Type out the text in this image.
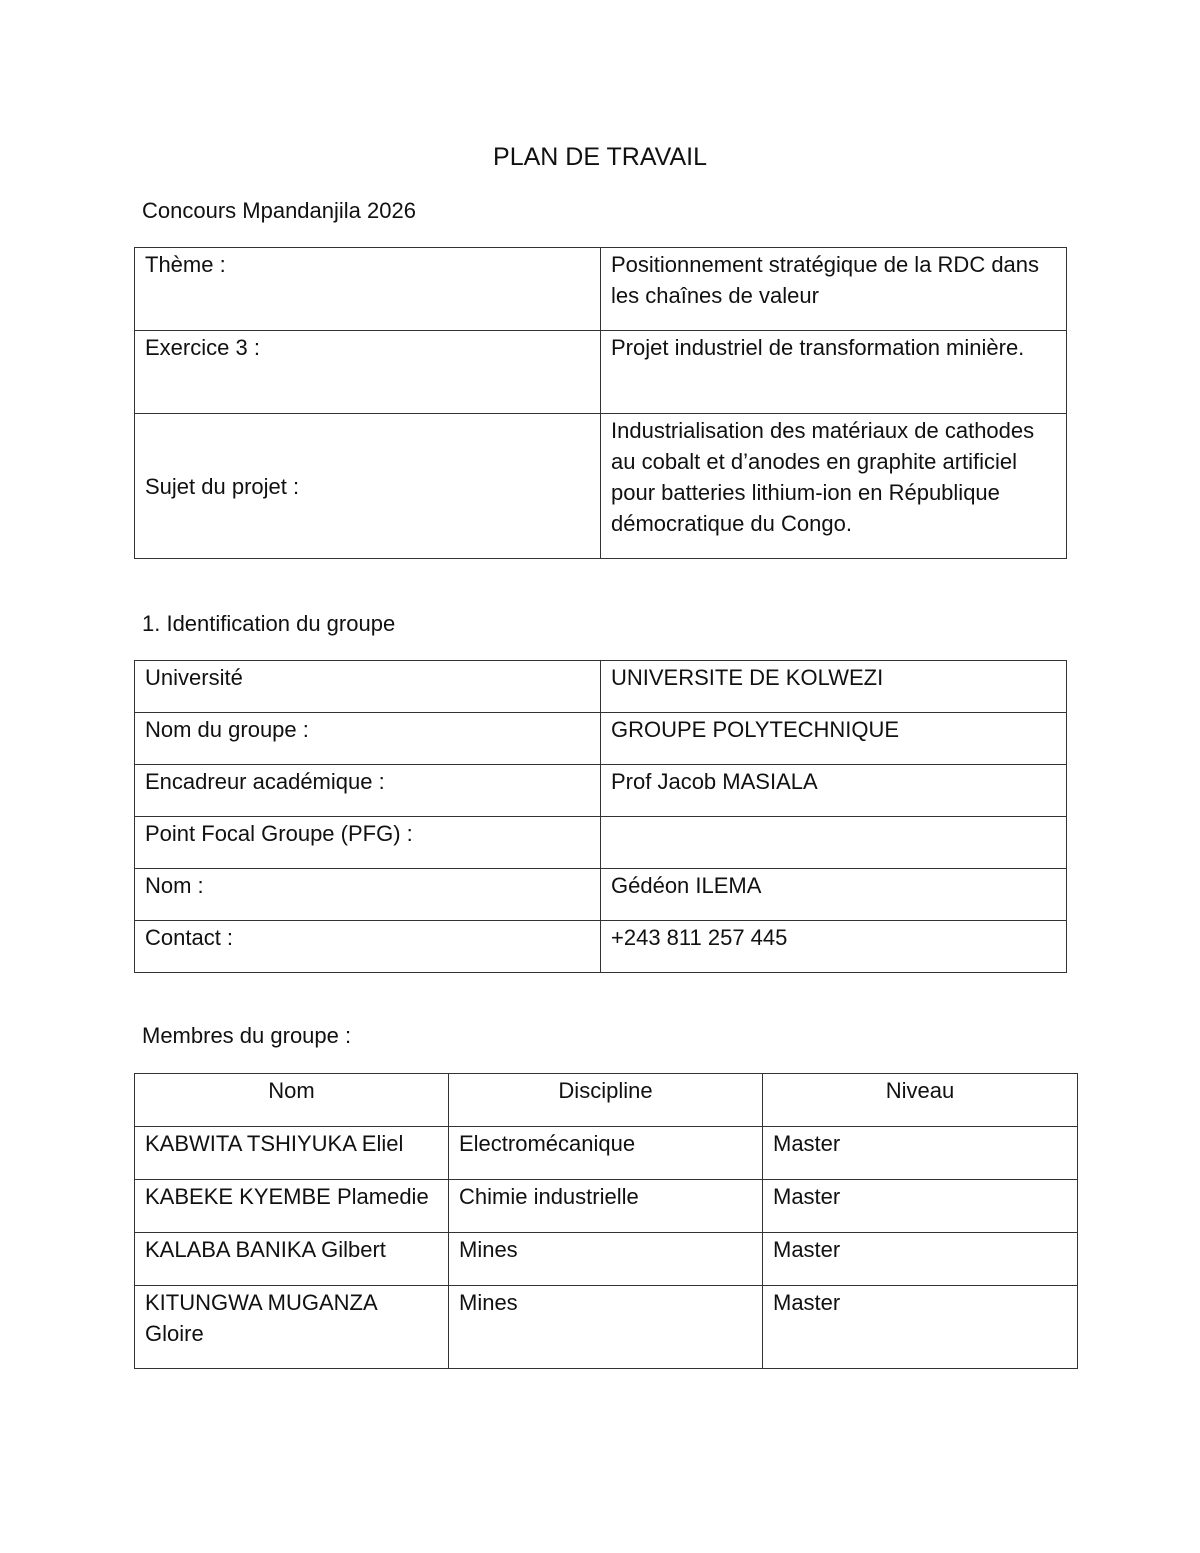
PLAN DE TRAVAIL
Concours Mpandanjila 2026
Thème :	Positionnement stratégique de la RDC dans les chaînes de valeur
Exercice 3 :	Projet industriel de transformation minière.
Sujet du projet :	Industrialisation des matériaux de cathodes au cobalt et d’anodes en graphite artificiel pour batteries lithium-ion en République démocratique du Congo.
1. Identification du groupe
Université	UNIVERSITE DE KOLWEZI
Nom du groupe :	GROUPE POLYTECHNIQUE
Encadreur académique :	Prof Jacob MASIALA
Point Focal Groupe (PFG) :	
Nom :	Gédéon ILEMA
Contact :	+243 811 257 445
Membres du groupe :
Nom	Discipline	Niveau
KABWITA TSHIYUKA Eliel	Electromécanique	Master
KABEKE KYEMBE Plamedie	Chimie industrielle	Master
KALABA BANIKA Gilbert	Mines	Master
KITUNGWA MUGANZA Gloire	Mines	Master
